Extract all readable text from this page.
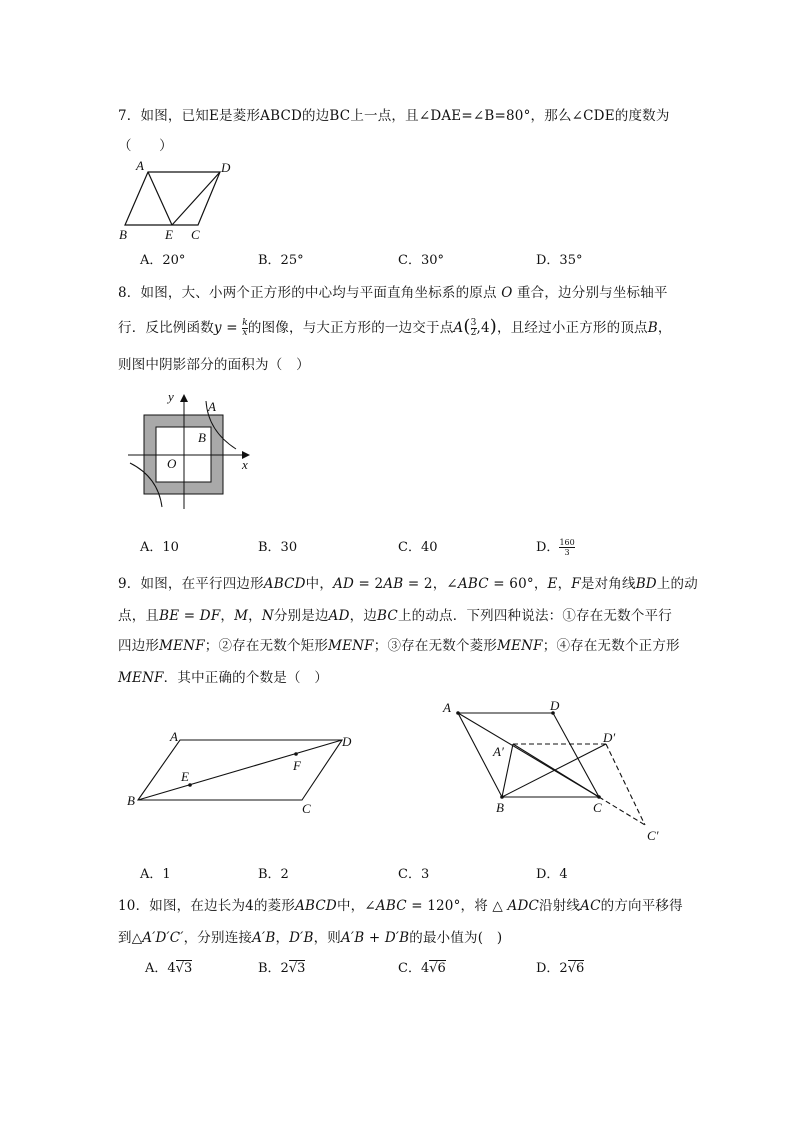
7．如图，已知E是菱形ABCD的边BC上一点，且∠DAE=∠B=80°，那么∠CDE的度数为
（　　）
A	D
B	E C
A．20°	B．25°	C．30°	D．35°
8．如图，大、小两个正方形的中心均与平面直角坐标系的原点 O 重合，边分别与坐标轴平
行．反比例函数$y = \frac{k}{x}$的图像，与大正方形的一边交于点A( 3
2,4)，且经过小正方形的顶点B，
则图中阴影部分的面积为（　）
y
x
O
A
B
A．10	B．30	C．40	D． 160
3
9．如图，在平行四边形ABCD中，AD = 2AB = 2，∠ABC = 60°，E，F是对角线BD上的动
点，且BE = DF，M，N分别是边AD，边BC上的动点．下列四种说法：①存在无数个平行
四边形MENF；②存在无数个矩形MENF；③存在无数个菱形MENF；④存在无数个正方形
MENF．其中正确的个数是（　）
A	D
B
C
E
F
A	D
A′
D′
B	C
C′
A．1	B．2	C．3	D．4
10．如图，在边长为4的菱形ABCD中，∠ABC = 120°，将 △ ADC沿射线AC的方向平移得
到△A′D′C′，分别连接A′B，D′B，则A′B + D′B的最小值为(　)
A．4√3	B．2√3	C．4√6	D．2√6
